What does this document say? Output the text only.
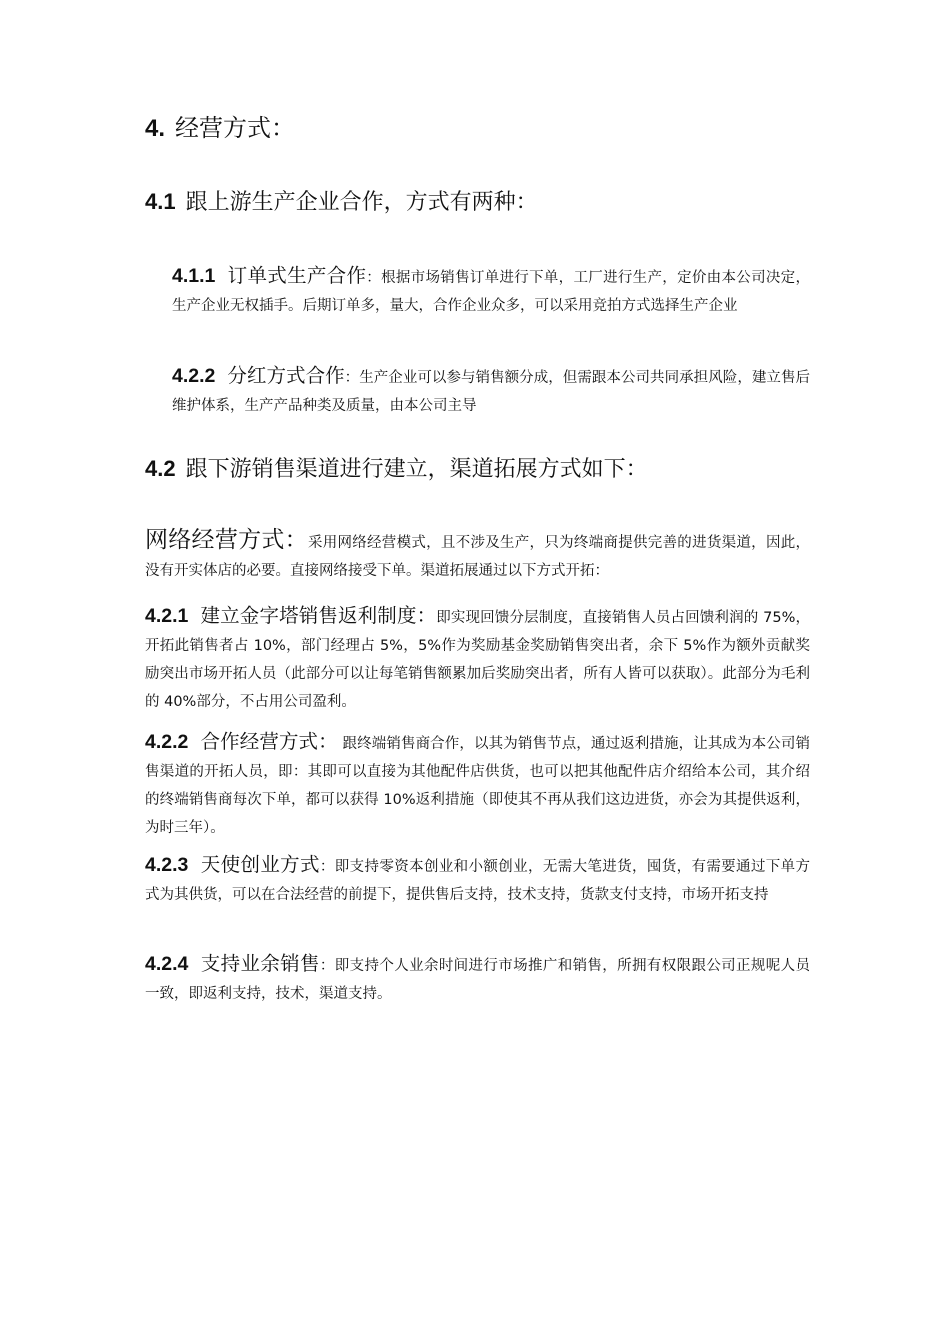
4. 经营方式：
4.1 跟上游生产企业合作，方式有两种：
4.1.1 订单式生产合作：根据市场销售订单进行下单，工厂进行生产，定价由本公司决定，生产企业无权插手。后期订单多，量大，合作企业众多，可以采用竞拍方式选择生产企业
4.2.2 分红方式合作：生产企业可以参与销售额分成，但需跟本公司共同承担风险，建立售后维护体系，生产产品种类及质量，由本公司主导
4.2 跟下游销售渠道进行建立，渠道拓展方式如下：
网络经营方式：采用网络经营模式，且不涉及生产，只为终端商提供完善的进货渠道，因此，没有开实体店的必要。直接网络接受下单。渠道拓展通过以下方式开拓：
4.2.1 建立金字塔销售返利制度：即实现回馈分层制度，直接销售人员占回馈利润的 75%，开拓此销售者占 10%，部门经理占 5%，5%作为奖励基金奖励销售突出者，余下 5%作为额外贡献奖励突出市场开拓人员（此部分可以让每笔销售额累加后奖励突出者，所有人皆可以获取）。此部分为毛利的 40%部分，不占用公司盈利。
4.2.2 合作经营方式： 跟终端销售商合作，以其为销售节点，通过返利措施，让其成为本公司销售渠道的开拓人员，即：其即可以直接为其他配件店供货，也可以把其他配件店介绍给本公司，其介绍的终端销售商每次下单，都可以获得 10%返利措施（即使其不再从我们这边进货，亦会为其提供返利，为时三年）。
4.2.3 天使创业方式：即支持零资本创业和小额创业，无需大笔进货，囤货，有需要通过下单方式为其供货，可以在合法经营的前提下，提供售后支持，技术支持，货款支付支持，市场开拓支持
4.2.4 支持业余销售：即支持个人业余时间进行市场推广和销售，所拥有权限跟公司正规呢人员一致，即返利支持，技术，渠道支持。
